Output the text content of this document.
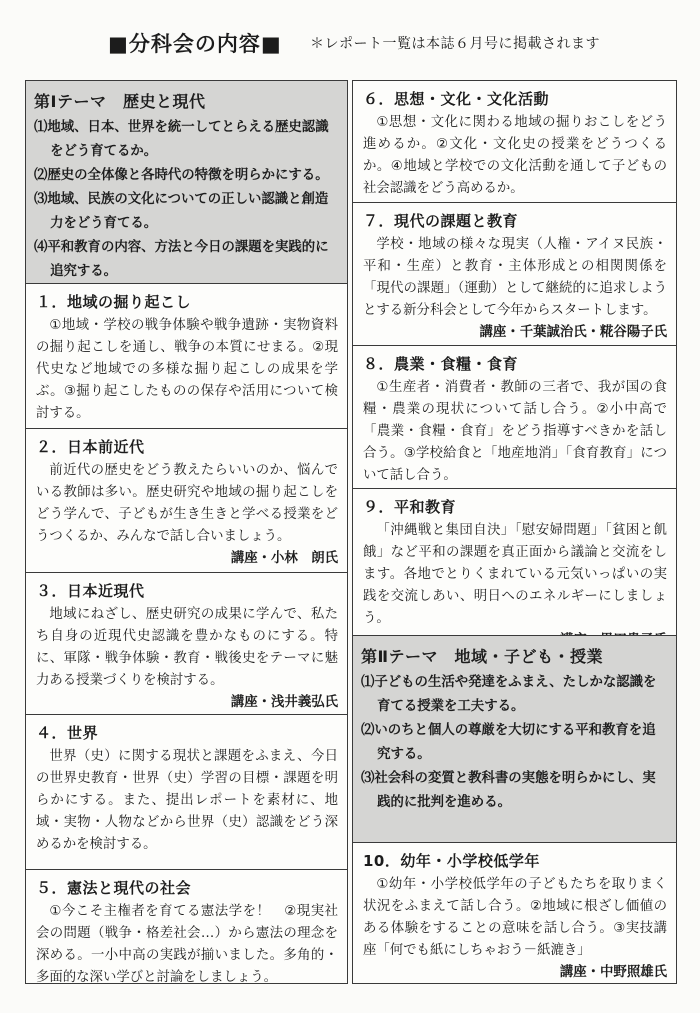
■分科会の内容■ ＊レポート一覧は本誌６月号に掲載されます
第Ⅰテーマ　歴史と現代
⑴地域、日本、世界を統一してとらえる歴史認識をどう育てるか。
⑵歴史の全体像と各時代の特徴を明らかにする。
⑶地域、民族の文化についての正しい認識と創造力をどう育てる。
⑷平和教育の内容、方法と今日の課題を実践的に追究する。
１．地域の掘り起こし
①地域・学校の戦争体験や戦争遺跡・実物資料の掘り起こしを通し、戦争の本質にせまる。②現代史など地域での多様な掘り起こしの成果を学ぶ。③掘り起こしたものの保存や活用について検討する。
２．日本前近代
前近代の歴史をどう教えたらいいのか、悩んでいる教師は多い。歴史研究や地域の掘り起こしをどう学んで、子どもが生き生きと学べる授業をどうつくるか、みんなで話し合いましょう。
講座・小林　朗氏
３．日本近現代
地域にねざし、歴史研究の成果に学んで、私たち自身の近現代史認識を豊かなものにする。特に、軍隊・戦争体験・教育・戦後史をテーマに魅力ある授業づくりを検討する。
講座・浅井義弘氏
４．世界
世界（史）に関する現状と課題をふまえ、今日の世界史教育・世界（史）学習の目標・課題を明らかにする。また、提出レポートを素材に、地域・実物・人物などから世界（史）認識をどう深めるかを検討する。
５．憲法と現代の社会
①今こそ主権者を育てる憲法学を！　②現実社会の問題（戦争・格差社会…）から憲法の理念を深める。一小中高の実践が揃いました。多角的・多面的な深い学びと討論をしましょう。
６．思想・文化・文化活動
①思想・文化に関わる地域の掘りおこしをどう進めるか。②文化・文化史の授業をどうつくるか。④地域と学校での文化活動を通して子どもの社会認識をどう高めるか。
７．現代の課題と教育
学校・地域の様々な現実（人権・アイヌ民族・平和・生産）と教育・主体形成との相関関係を「現代の課題」（運動）として継続的に追求しようとする新分科会として今年からスタートします。
講座・千葉誠治氏・糀谷陽子氏
８．農業・食糧・食育
①生産者・消費者・教師の三者で、我が国の食糧・農業の現状について話し合う。②小中高で「農業・食糧・食育」をどう指導すべきかを話し合う。③学校給食と「地産地消」「食育教育」について話し合う。
９．平和教育
「沖縄戦と集団自決」「慰安婦問題」「貧困と飢餓」など平和の課題を真正面から議論と交流をします。各地でとりくまれている元気いっぱいの実践を交流しあい、明日へのエネルギーにしましょう。
第Ⅱテーマ　地域・子ども・授業
⑴子どもの生活や発達をふまえ、たしかな認識を育てる授業を工夫する。
⑵いのちと個人の尊厳を大切にする平和教育を追究する。
⑶社会科の変質と教科書の実態を明らかにし、実践的に批判を進める。
10．幼年・小学校低学年
①幼年・小学校低学年の子どもたちを取りまく状況をふまえて話し合う。②地域に根ざし価値のある体験をすることの意味を話し合う。③実技講座「何でも紙にしちゃおう－紙漉き」
講座・中野照雄氏
